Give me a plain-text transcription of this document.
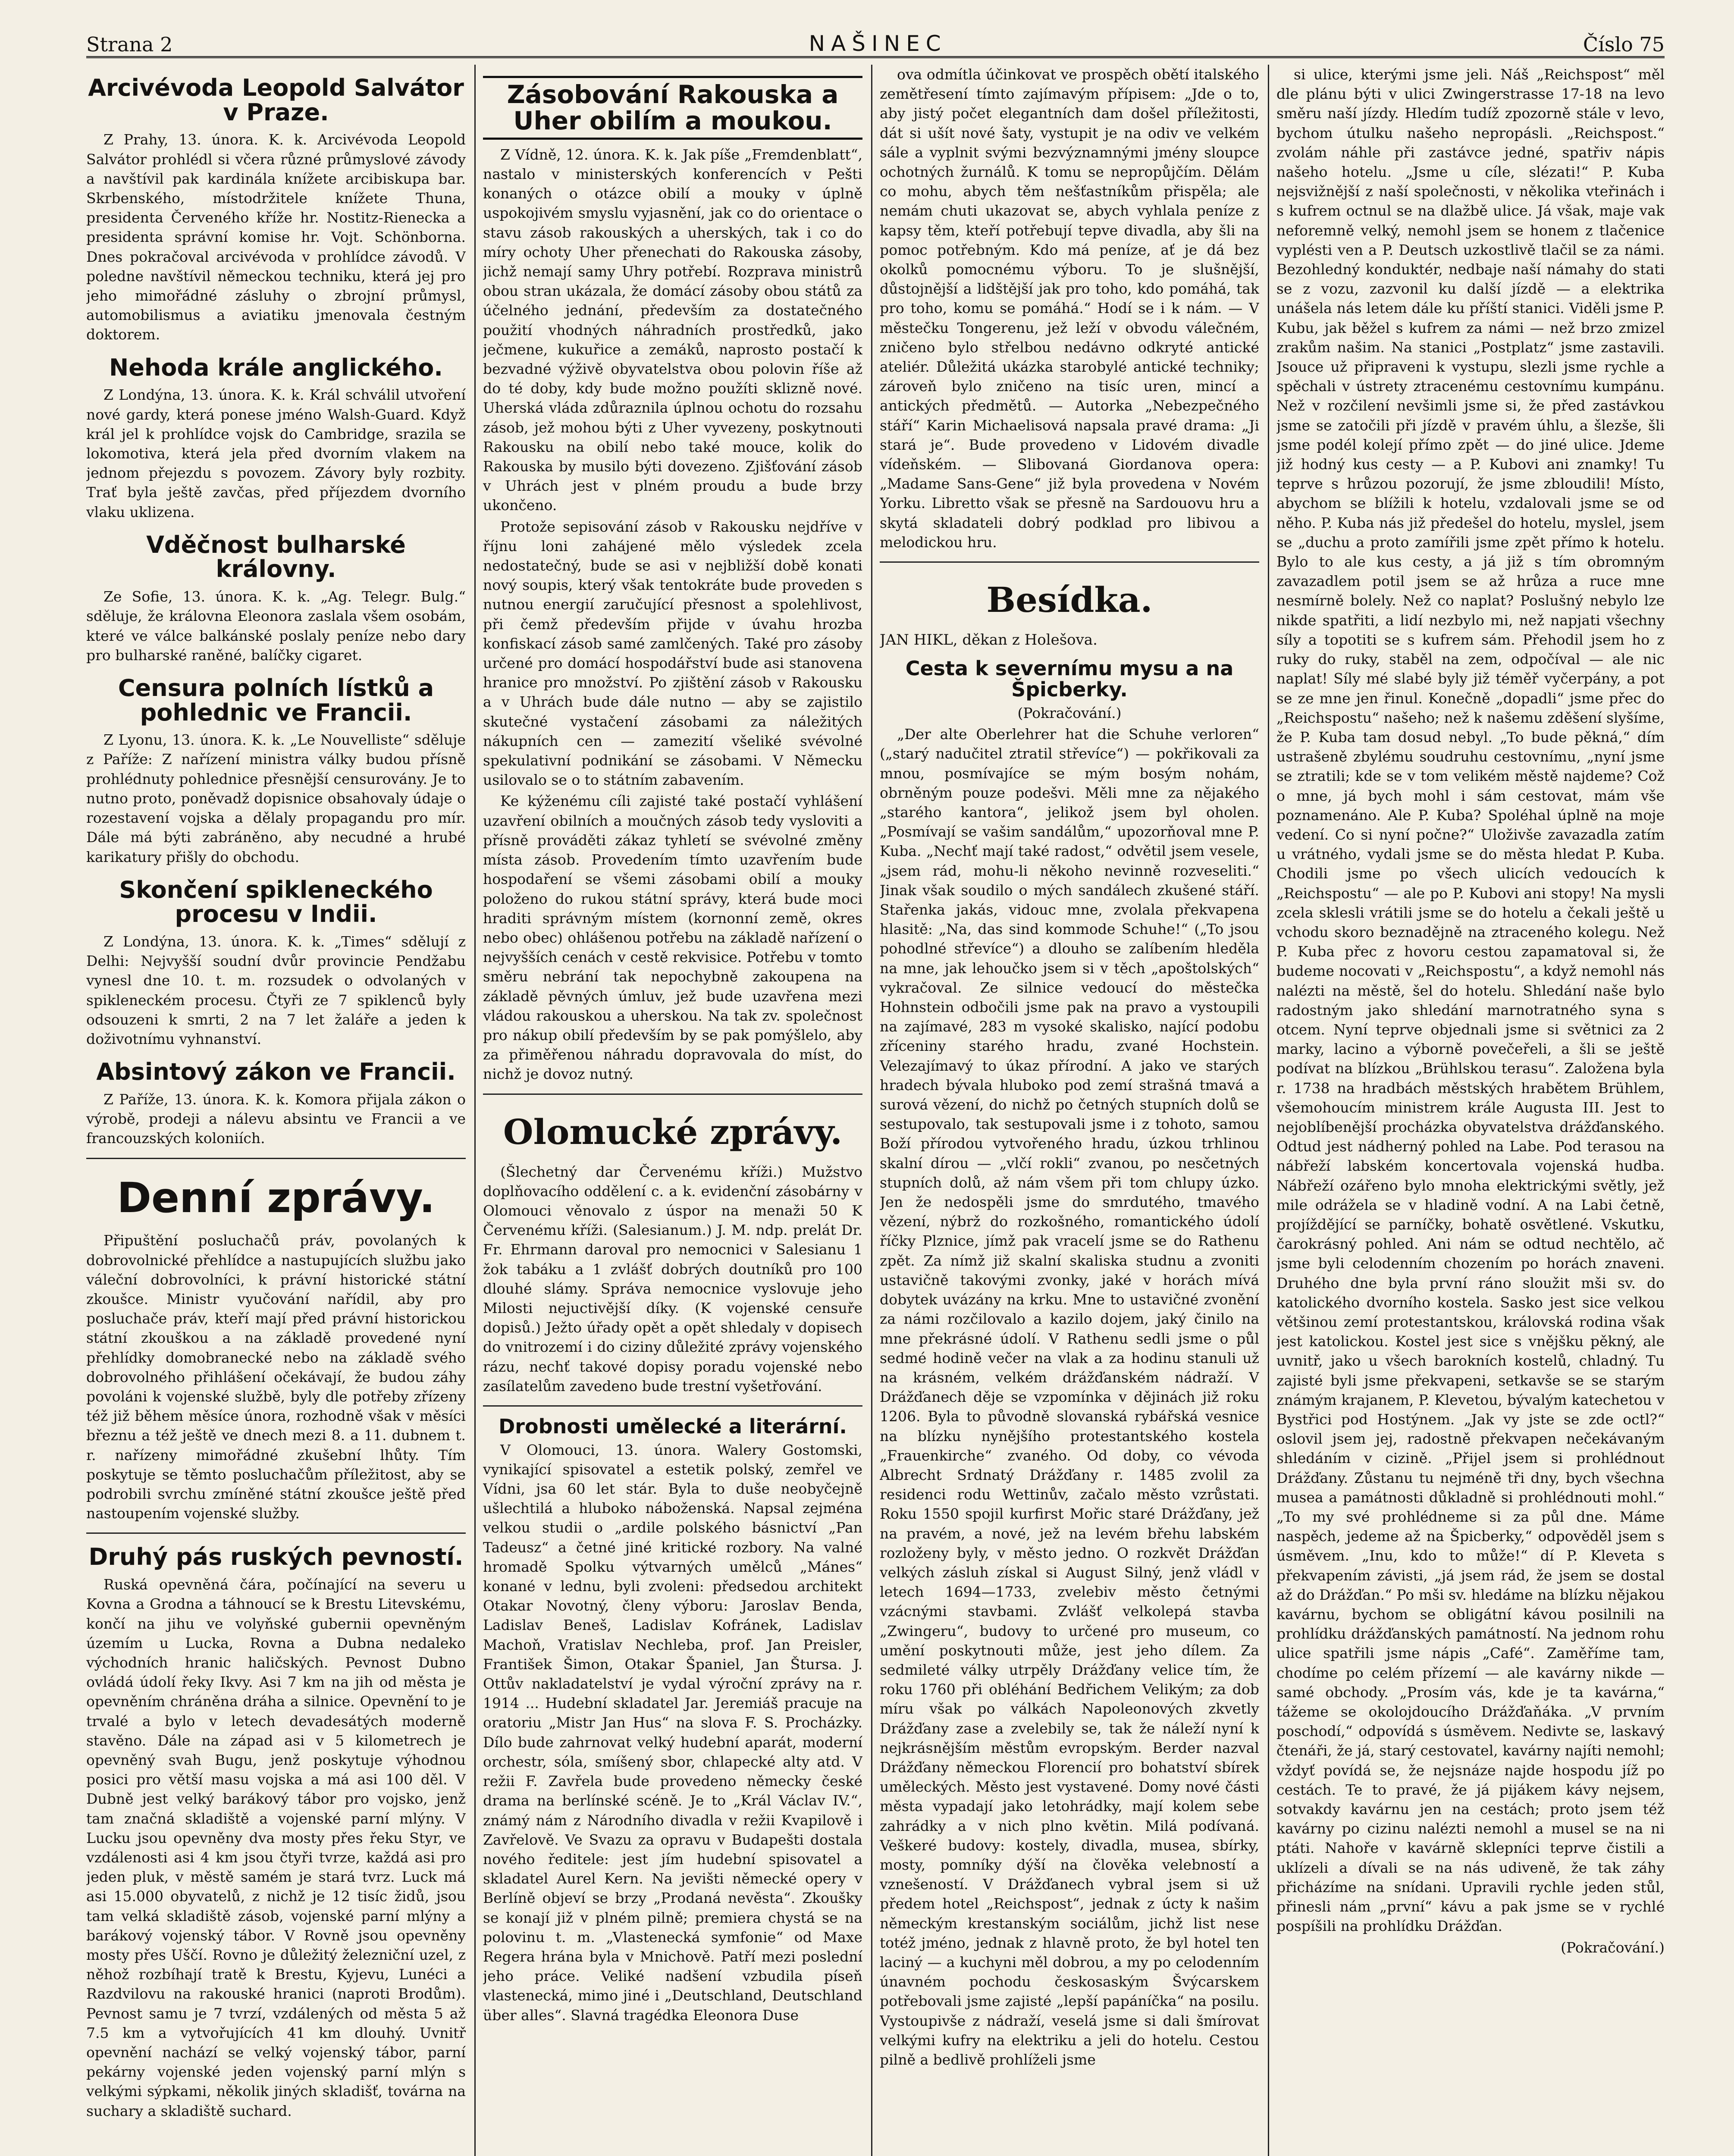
Strana 2	NAŠINEC	Číslo 75
Arcivévoda Leopold Salvátor v Praze.

Z Prahy, 13. února. K. k. Arcivévoda Leopold Salvátor prohlédl si včera různé průmyslové závody a navštívil pak kardinála knížete arcibiskupa bar. Skrbenského, místodržitele knížete Thuna, presidenta Červeného kříže hr. Nostitz-Rienecka a presidenta správní komise hr. Vojt. Schönborna. Dnes pokračoval arcivévoda v prohlídce závodů. V poledne navštívil německou techniku, která jej pro jeho mimořádné zásluhy o zbrojní průmysl, automobilismus a aviatiku jmenovala čestným doktorem.

Nehoda krále anglického.

Z Londýna, 13. února. K. k. Král schválil utvoření nové gardy, která ponese jméno Walsh-Guard. Když král jel k prohlídce vojsk do Cambridge, srazila se lokomotiva, která jela před dvorním vlakem na jednom přejezdu s povozem. Závory byly rozbity. Trať byla ještě zavčas, před příjezdem dvorního vlaku uklizena.

Vděčnost bulharské královny.

Ze Sofie, 13. února. K. k. „Ag. Telegr. Bulg.“ sděluje, že královna Eleonora zaslala všem osobám, které ve válce balkánské poslaly peníze nebo dary pro bulharské raněné, balíčky cigaret.

Censura polních lístků a pohlednic ve Francii.

Z Lyonu, 13. února. K. k. „Le Nouvelliste“ sděluje z Paříže: Z nařízení ministra války budou přísně prohlédnuty pohlednice přesnější censurovány. Je to nutno proto, poněvadž dopisnice obsahovaly údaje o rozestavení vojska a dělaly propagandu pro mír. Dále má býti zabráněno, aby necudné a hrubé karikatury přišly do obchodu.

Skončení spikleneckého procesu v Indii.

Z Londýna, 13. února. K. k. „Times“ sdělují z Delhi: Nejvyšší soudní dvůr provincie Pendžabu vynesl dne 10. t. m. rozsudek o odvolaných v spikleneckém procesu. Čtyři ze 7 spiklenců byly odsouzeni k smrti, 2 na 7 let žaláře a jeden k doživotnímu vyhnanství.

Absintový zákon ve Francii.

Z Paříže, 13. února. K. k. Komora přijala zákon o výrobě, prodeji a nálevu absintu ve Francii a ve francouzských koloniích.

Denní zprávy.

Připuštění posluchačů práv, povolaných k dobrovolnické přehlídce a nastupujících službu jako váleční dobrovolníci, k právní historické státní zkoušce. Ministr vyučování nařídil, aby pro posluchače práv, kteří mají před právní historickou státní zkouškou a na základě provedené nyní přehlídky domobranecké nebo na základě svého dobrovolného přihlášení očekávají, že budou záhy povoláni k vojenské službě, byly dle potřeby zřízeny též již během měsíce února, rozhodně však v měsíci březnu a též ještě ve dnech mezi 8. a 11. dubnem t. r. nařízeny mimořádné zkušební lhůty. Tím poskytuje se těmto posluchačům příležitost, aby se podrobili svrchu zmíněné státní zkoušce ještě před nastoupením vojenské služby.

Druhý pás ruských pevností.

Ruská opevněná čára, počínající na severu u Kovna a Grodna a táhnoucí se k Brestu Litevskému, končí na jihu ve volyňské gubernii opevněným územím u Lucka, Rovna a Dubna nedaleko východních hranic haličských. Pevnost Dubno ovládá údolí řeky Ikvy. Asi 7 km na jih od města je opevněním chráněna dráha a silnice. Opevnění to je trvalé a bylo v letech devadesátých moderně stavěno. Dále na západ asi v 5 kilometrech je opevněný svah Bugu, jenž poskytuje výhodnou posici pro větší masu vojska a má asi 100 děl. V Dubně jest velký barákový tábor pro vojsko, jenž tam značná skladiště a vojenské parní mlýny. V Lucku jsou opevněny dva mosty přes řeku Styr, ve vzdálenosti asi 4 km jsou čtyři tvrze, každá asi pro jeden pluk, v městě samém je stará tvrz. Luck má asi 15.000 obyvatelů, z nichž je 12 tisíc židů, jsou tam velká skladiště zásob, vojenské parní mlýny a barákový vojenský tábor. V Rovně jsou opevněny mosty přes Uščí. Rovno je důležitý železniční uzel, z něhož rozbíhají tratě k Brestu, Kyjevu, Lunéci a Razdvilovu na rakouské hranici (naproti Brodům). Pevnost samu je 7 tvrzí, vzdálených od města 5 až 7.5 km a vytvořujících 41 km dlouhý. Uvnitř opevnění nachází se velký vojenský tábor, parní pekárny vojenské jeden vojenský parní mlýn s velkými sýpkami, několik jiných skladišť, továrna na suchary a skladiště suchard.

Zásobování Rakouska a Uher obilím a moukou.

Z Vídně, 12. února. K. k. Jak píše „Fremdenblatt“, nastalo v ministerských konferencích v Pešti konaných o otázce obilí a mouky v úplně uspokojivém smyslu vyjasnění, jak co do orientace o stavu zásob rakouských a uherských, tak i co do míry ochoty Uher přenechati do Rakouska zásoby, jichž nemají samy Uhry potřebí. Rozprava ministrů obou stran ukázala, že domácí zásoby obou států za účelného jednání, především za dostatečného použití vhodných náhradních prostředků, jako ječmene, kukuřice a zemáků, naprosto postačí k bezvadné výživě obyvatelstva obou polovin říše až do té doby, kdy bude možno použíti sklizně nové. Uherská vláda zdůraznila úplnou ochotu do rozsahu zásob, jež mohou býti z Uher vyvezeny, poskytnouti Rakousku na obilí nebo také mouce, kolik do Rakouska by musilo býti dovezeno. Zjišťování zásob v Uhrách jest v plném proudu a bude brzy ukončeno.

Protože sepisování zásob v Rakousku nejdříve v říjnu loni zahájené mělo výsledek zcela nedostatečný, bude se asi v nejbližší době konati nový soupis, který však tentokráte bude proveden s nutnou energií zaručující přesnost a spolehlivost, při čemž především přijde v úvahu hrozba konfiskací zásob samé zamlčených. Také pro zásoby určené pro domácí hospodářství bude asi stanovena hranice pro množství. Po zjištění zásob v Rakousku a v Uhrách bude dále nutno — aby se zajistilo skutečné vystačení zásobami za náležitých nákupních cen — zamezití všeliké svévolné spekulativní podnikání se zásobami. V Německu usilovalo se o to státním zabavením.

Ke kýženému cíli zajisté také postačí vyhlášení uzavření obilních a moučných zásob tedy vysloviti a přísně prováděti zákaz tyhletí se svévolné změny místa zásob. Provedením tímto uzavřením bude hospodaření se všemi zásobami obilí a mouky položeno do rukou státní správy, která bude moci hraditi správným místem (kornonní země, okres nebo obec) ohlášenou potřebu na základě nařízení o nejvyšších cenách v cestě rekvisice. Potřebu v tomto směru nebrání tak nepochybně zakoupena na základě pěvných úmluv, jež bude uzavřena mezi vládou rakouskou a uherskou. Na tak zv. společnost pro nákup obilí především by se pak pomýšlelo, aby za přiměřenou náhradu dopravovala do míst, do nichž je dovoz nutný.

Olomucké zprávy.

(Šlechetný dar Červenému kříži.) Mužstvo doplňovacího oddělení c. a k. evidenční zásobárny v Olomouci věnovalo z úspor na menaži 50 K Červenému kříži. (Salesianum.) J. M. ndp. prelát Dr. Fr. Ehrmann daroval pro nemocnici v Salesianu 1 žok tabáku a 1 zvlášť dobrých doutníků pro 100 dlouhé slámy. Správa nemocnice vyslovuje jeho Milosti nejuctivější díky. (K vojenské censuře dopisů.) Ježto úřady opět a opět shledaly v dopisech do vnitrozemí i do ciziny důležité zprávy vojenského rázu, nechť takové dopisy poradu vojenské nebo zasílatelům zavedeno bude trestní vyšetřování.

Drobnosti umělecké a literární.

V Olomouci, 13. února. Walery Gostomski, vynikající spisovatel a estetik polský, zemřel ve Vídni, jsa 60 let stár. Byla to duše neobyčejně ušlechtilá a hluboko náboženská. Napsal zejména velkou studii o „ardile polského básnictví „Pan Tadeusz“ a četné jiné kritické rozbory. Na valné hromadě Spolku výtvarných umělců „Mánes“ konané v lednu, byli zvoleni: předsedou architekt Otakar Novotný, členy výboru: Jaroslav Benda, Ladislav Beneš, Ladislav Kofránek, Ladislav Machoň, Vratislav Nechleba, prof. Jan Preisler, František Šimon, Otakar Španiel, Jan Štursa. J. Ottův nakladatelství je vydal výroční zprávy na r. 1914 ... Hudební skladatel Jar. Jeremiáš pracuje na oratoriu „Mistr Jan Hus“ na slova F. S. Procházky. Dílo bude zahrnovat velký hudební aparát, moderní orchestr, sóla, smíšený sbor, chlapecké alty atd. V režii F. Zavřela bude provedeno německy české drama na berlínské scéně. Je to „Král Václav IV.“, známý nám z Národního divadla v režii Kvapilově i Zavřelově. Ve Svazu za opravu v Budapešti dostala nového ředitele: jest jím hudební spisovatel a skladatel Aurel Kern. Na jevišti německé opery v Berlíně objeví se brzy „Prodaná nevěsta“. Zkoušky se konají již v plném pilně; premiera chystá se na polovinu t. m. „Vlastenecká symfonie“ od Maxe Regera hrána byla v Mnichově. Patří mezi poslední jeho práce. Veliké nadšení vzbudila píseň vlastenecká, mimo jiné i „Deutschland, Deutschland über alles“. Slavná tragédka Eleonora Duse

ova odmítla účinkovat ve prospěch obětí italského zemětřesení tímto zajímavým přípisem: „Jde o to, aby jistý počet elegantních dam došel příležitosti, dát si ušít nové šaty, vystupit je na odiv ve velkém sále a vyplnit svými bezvýznamnými jmény sloupce ochotných žurnálů. K tomu se nepropůjčím. Dělám co mohu, abych těm nešťastníkům přispěla; ale nemám chuti ukazovat se, abych vyhlala peníze z kapsy těm, kteří potřebují tepve divadla, aby šli na pomoc potřebným. Kdo má peníze, ať je dá bez okolků pomocnému výboru. To je slušnější, důstojnější a lidštější jak pro toho, kdo pomáhá, tak pro toho, komu se pomáhá.“ Hodí se i k nám. — V městečku Tongerenu, jež leží v obvodu válečném, zničeno bylo střelbou nedávno odkryté antické ateliér. Důležitá ukázka starobylé antické techniky; zároveň bylo zničeno na tisíc uren, mincí a antických předmětů. — Autorka „Nebezpečného stáří“ Karin Michaelisová napsala pravé drama: „Ji stará je“. Bude provedeno v Lidovém divadle vídeňském. — Slibovaná Giordanova opera: „Madame Sans-Gene“ již byla provedena v Novém Yorku. Libretto však se přesně na Sardouovu hru a skytá skladateli dobrý podklad pro libivou a melodickou hru.

Besídka.

JAN HIKL, děkan z Holešova.

Cesta k severnímu mysu a na Špicberky.

(Pokračování.)

„Der alte Oberlehrer hat die Schuhe verloren“ („starý nadučitel ztratil střevíce“) — pokřikovali za mnou, posmívajíce se mým bosým nohám, obrněným pouze podešvi. Měli mne za nějakého „starého kantora“, jelikož jsem byl oholen. „Posmívají se vašim sandálům,“ upozorňoval mne P. Kuba. „Nechť mají také radost,“ odvětil jsem vesele, „jsem rád, mohu-li někoho nevinně rozveseliti.“ Jinak však soudilo o mých sandálech zkušené stáří. Stařenka jakás, vidouc mne, zvolala překvapena hlasitě: „Na, das sind kommode Schuhe!“ („To jsou pohodlné střevíce“) a dlouho se zalíbením hleděla na mne, jak lehoučko jsem si v těch „apoštolských“ vykračoval. Ze silnice vedoucí do městečka Hohnstein odbočili jsme pak na pravo a vystoupili na zajímavé, 283 m vysoké skalisko, nající podobu zříceniny starého hradu, zvané Hochstein. Velezajímavý to úkaz přírodní. A jako ve starých hradech bývala hluboko pod zemí strašná tmavá a surová vězení, do nichž po četných stupních dolů se sestupovalo, tak sestupovali jsme i z tohoto, samou Boží přírodou vytvořeného hradu, úzkou trhlinou skalní dírou — „vlčí rokli“ zvanou, po nesčetných stupních dolů, až nám všem při tom chlupy úzko. Jen že nedospěli jsme do smrdutého, tmavého vězení, nýbrž do rozkošného, romantického údolí říčky Plznice, jímž pak vracelí jsme se do Rathenu zpět. Za nímž již skalní skaliska studnu a zvoniti ustavičně takovými zvonky, jaké v horách mívá dobytek uvázány na krku. Mne to ustavičné zvonění za námi rozčilovalo a kazilo dojem, jaký činilo na mne překrásné údolí. V Rathenu sedli jsme o půl sedmé hodině večer na vlak a za hodinu stanuli už na krásném, velkém drážďanském nádraží. V Drážďanech děje se vzpomínka v dějinách již roku 1206. Byla to původně slovanská rybářská vesnice na blízku nynějšího protestantského kostela „Frauenkirche“ zvaného. Od doby, co vévoda Albrecht Srdnatý Drážďany r. 1485 zvolil za residenci rodu Wettinův, začalo město vzrůstati. Roku 1550 spojil kurfirst Mořic staré Drážďany, jež na pravém, a nové, jež na levém břehu labském rozloženy byly, v město jedno. O rozkvět Drážďan velkých zásluh získal si August Silný, jenž vládl v letech 1694—1733, zvelebiv město četnými vzácnými stavbami. Zvlášť velkolepá stavba „Zwingeru“, budovy to určené pro museum, co umění poskytnouti může, jest jeho dílem. Za sedmileté války utrpěly Drážďany velice tím, že roku 1760 při obléhání Bedřichem Velikým; za dob míru však po válkách Napoleonových zkvetly Drážďany zase a zvelebily se, tak že náleží nyní k nejkrásnějším městům evropským. Berder nazval Drážďany německou Florencií pro bohatství sbírek uměleckých. Město jest vystavené. Domy nové části města vypadají jako letohrádky, mají kolem sebe zahrádky a v nich plno květin. Milá podívaná. Veškeré budovy: kostely, divadla, musea, sbírky, mosty, pomníky dýší na člověka velebností a vznešeností. V Drážďanech vybral jsem si už předem hotel „Reichspost“, jednak z úcty k našim německým krestanským sociálům, jichž list nese totéž jméno, jednak z hlavně proto, že byl hotel ten laciný — a kuchyni měl dobrou, a my po celodenním únavném pochodu českosaským Švýcarskem potřebovali jsme zajisté „lepší papáníčka“ na posilu. Vystoupivše z nádraží, veselá jsme si dali šmírovat velkými kufry na elektriku a jeli do hotelu. Cestou pilně a bedlivě prohlíželi jsme

si ulice, kterými jsme jeli. Náš „Reichspost“ měl dle plánu býti v ulici Zwingerstrasse 17-18 na levo směru naší jízdy. Hledím tudíž zpozorně stále v levo, bychom útulku našeho nepropásli. „Reichspost.“ zvolám náhle při zastávce jedné, spatřiv nápis našeho hotelu. „Jsme u cíle, slézati!“ P. Kuba nejsvižnější z naší společnosti, v několika vteřinách i s kufrem octnul se na dlažbě ulice. Já však, maje vak neforemně velký, nemohl jsem se honem z tlačenice vyplésti ven a P. Deutsch uzkostlivě tlačil se za námi. Bezohledný konduktér, nedbaje naší námahy do stati se z vozu, zazvonil ku další jízdě — a elektrika unášela nás letem dále ku příští stanici. Viděli jsme P. Kubu, jak běžel s kufrem za námi — než brzo zmizel zrakům našim. Na stanici „Postplatz“ jsme zastavili. Jsouce už připraveni k vystupu, slezli jsme rychle a spěchali v ústrety ztracenému cestovnímu kumpánu. Než v rozčilení nevšimli jsme si, že před zastávkou jsme se zatočili při jízdě v pravém úhlu, a šlezše, šli jsme podél kolejí přímo zpět — do jiné ulice. Jdeme již hodný kus cesty — a P. Kubovi ani znamky! Tu teprve s hrůzou pozorují, že jsme zbloudili! Místo, abychom se blížili k hotelu, vzdalovali jsme se od něho. P. Kuba nás již předešel do hotelu, myslel, jsem se „duchu a proto zamířili jsme zpět přímo k hotelu. Bylo to ale kus cesty, a já již s tím obromným zavazadlem potil jsem se až hrůza a ruce mne nesmírně bolely. Než co naplat? Poslušný nebylo lze nikde spatřiti, a lidí nezbylo mi, než napjati všechny síly a topotiti se s kufrem sám. Přehodil jsem ho z ruky do ruky, staběl na zem, odpočíval — ale nic naplat! Síly mé slabé byly již téměř vyčerpány, a pot se ze mne jen řinul. Konečně „dopadli“ jsme přec do „Reichspostu“ našeho; než k našemu zděšení slyšíme, že P. Kuba tam dosud nebyl. „To bude pěkná,“ dím ustrašeně zbylému soudruhu cestovnímu, „nyní jsme se ztratili; kde se v tom velikém městě najdeme? Což o mne, já bych mohl i sám cestovat, mám vše poznamenáno. Ale P. Kuba? Spoléhal úplně na moje vedení. Co si nyní počne?“ Uloživše zavazadla zatím u vrátného, vydali jsme se do města hledat P. Kuba. Chodili jsme po všech ulicích vedoucích k „Reichspostu“ — ale po P. Kubovi ani stopy! Na mysli zcela sklesli vrátili jsme se do hotelu a čekali ještě u vchodu skoro beznadějně na ztraceného kolegu. Než P. Kuba přec z hovoru cestou zapamatoval si, že budeme nocovati v „Reichspostu“, a když nemohl nás nalézti na městě, šel do hotelu. Shledání naše bylo radostným jako shledání marnotratného syna s otcem. Nyní teprve objednali jsme si světnici za 2 marky, lacino a výborně povečeřeli, a šli se ještě podívat na blízkou „Brühlskou terasu“. Založena byla r. 1738 na hradbách městských hrabětem Brühlem, všemohoucím ministrem krále Augusta III. Jest to nejoblíbenější procházka obyvatelstva drážďanského. Odtud jest nádherný pohled na Labe. Pod terasou na nábřeží labském koncertovala vojenská hudba. Nábřeží ozářeno bylo mnoha elektrickými světly, jež mile odrážela se v hladině vodní. A na Labi četně, projíždějící se parníčky, bohatě osvětlené. Vskutku, čarokrásný pohled. Ani nám se odtud nechtělo, ač jsme byli celodenním chozením po horách znaveni. Druhého dne byla první ráno sloužit mši sv. do katolického dvorního kostela. Sasko jest sice velkou většinou zemí protestantskou, královská rodina však jest katolickou. Kostel jest sice s vnějšku pěkný, ale uvnitř, jako u všech barokních kostelů, chladný. Tu zajisté byli jsme překvapeni, setkavše se se starým známým krajanem, P. Klevetou, bývalým katechetou v Bystřici pod Hostýnem. „Jak vy jste se zde octl?“ oslovil jsem jej, radostně překvapen nečekávaným shledáním v cizině. „Přijel jsem si prohlédnout Drážďany. Zůstanu tu nejméně tři dny, bych všechna musea a památnosti důkladně si prohlédnouti mohl.“ „To my své prohlédneme si za půl dne. Máme naspěch, jedeme až na Špicberky,“ odpověděl jsem s úsměvem. „Inu, kdo to může!“ dí P. Kleveta s překvapením závisti, „já jsem rád, že jsem se dostal až do Drážďan.“ Po mši sv. hledáme na blízku nějakou kavárnu, bychom se obligátní kávou posilnili na prohlídku drážďanských památností. Na jednom rohu ulice spatřili jsme nápis „Café“. Zaměříme tam, chodíme po celém přízemí — ale kavárny nikde — samé obchody. „Prosím vás, kde je ta kavárna,“ tážeme se okolojdoucího Drážďaňáka. „V prvním poschodí,“ odpovídá s úsměvem. Nedivte se, laskavý čtenáři, že já, starý cestovatel, kavárny najíti nemohl; vždyť povídá se, že nejsnáze najde hospodu jíž po cestách. Te to pravé, že já pijákem kávy nejsem, sotvakdy kavárnu jen na cestách; proto jsem též kavárny po cizinu nalézti nemohl a musel se na ni ptáti. Nahoře v kavárně sklepníci teprve čistili a uklízeli a dívali se na nás udiveně, že tak záhy přicházíme na snídani. Upravili rychle jeden stůl, přinesli nám „první“ kávu a pak jsme se v rychlé pospíšili na prohlídku Drážďan.

(Pokračování.)
